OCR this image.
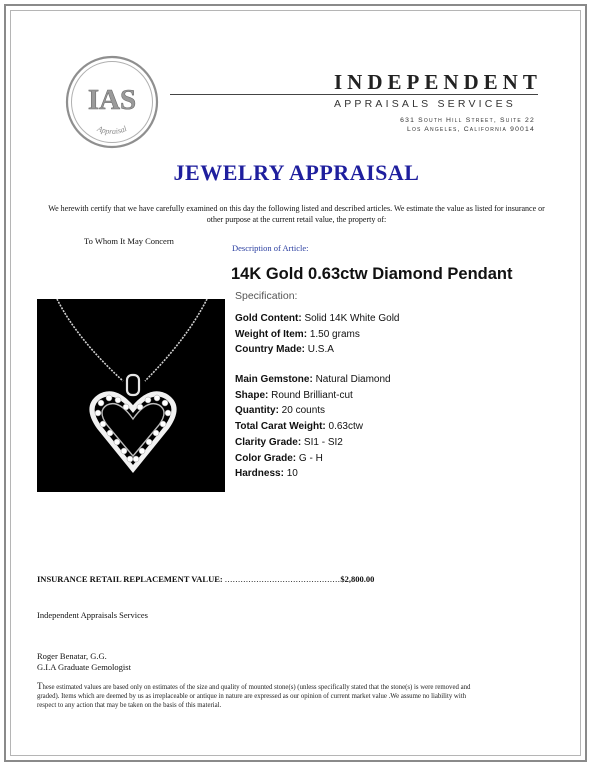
IAS
Appraisal
INDEPENDENT
APPRAISALS SERVICES
631 South Hill Street, Suite 22
Los Angeles, California 90014
JEWELRY APPRAISAL
We herewith certify that we have carefully examined on this day the following listed and described articles. We estimate the value as listed for insurance or other purpose at the current retail value, the property of:
To Whom It May Concern
Description of Article:
14K Gold 0.63ctw Diamond Pendant
Specification:
Gold Content: Solid 14K White Gold
Weight of Item: 1.50 grams
Country Made: U.S.A
Main Gemstone: Natural Diamond
Shape: Round Brilliant-cut
Quantity: 20 counts
Total Carat Weight: 0.63ctw
Clarity Grade: SI1 - SI2
Color Grade: G - H
Hardness: 10
INSURANCE RETAIL REPLACEMENT VALUE: ............................................$2,800.00
Independent Appraisals Services
Roger Benatar, G.G.
G.I.A Graduate Gemologist
These estimated values are based only on estimates of the size and quality of mounted stone(s) (unless specifically stated that the stone(s) is were removed and graded). Items which are deemed by us as irreplaceable or antique in nature are expressed as our opinion of current market value .We assume no liability with respect to any action that may be taken on the basis of this material.
